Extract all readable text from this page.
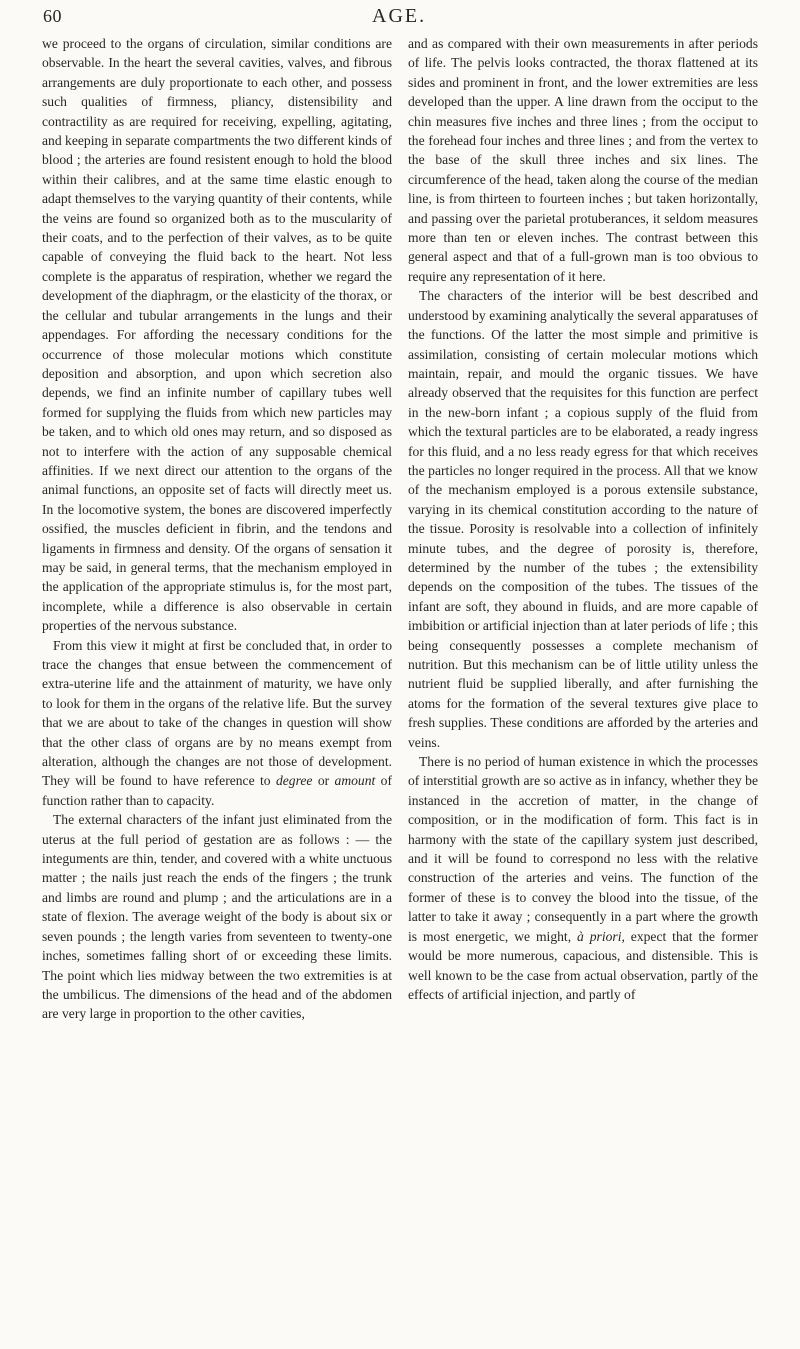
60	AGE.

we proceed to the organs of circulation, similar conditions are observable. In the heart the several cavities, valves, and fibrous arrangements are duly proportionate to each other, and possess such qualities of firmness, pliancy, distensibility and contractility as are required for receiving, expelling, agitating, and keeping in separate compartments the two different kinds of blood ; the arteries are found resistent enough to hold the blood within their calibres, and at the same time elastic enough to adapt themselves to the varying quantity of their contents, while the veins are found so organized both as to the muscularity of their coats, and to the perfection of their valves, as to be quite capable of conveying the fluid back to the heart. Not less complete is the apparatus of respiration, whether we regard the development of the diaphragm, or the elasticity of the thorax, or the cellular and tubular arrangements in the lungs and their appendages. For affording the necessary conditions for the occurrence of those molecular motions which constitute deposition and absorption, and upon which secretion also depends, we find an infinite number of capillary tubes well formed for supplying the fluids from which new particles may be taken, and to which old ones may return, and so disposed as not to interfere with the action of any supposable chemical affinities. If we next direct our attention to the organs of the animal functions, an opposite set of facts will directly meet us. In the locomotive system, the bones are discovered imperfectly ossified, the muscles deficient in fibrin, and the tendons and ligaments in firmness and density. Of the organs of sensation it may be said, in general terms, that the mechanism employed in the application of the appropriate stimulus is, for the most part, incomplete, while a difference is also observable in certain properties of the nervous substance.

From this view it might at first be concluded that, in order to trace the changes that ensue between the commencement of extra-uterine life and the attainment of maturity, we have only to look for them in the organs of the relative life. But the survey that we are about to take of the changes in question will show that the other class of organs are by no means exempt from alteration, although the changes are not those of development. They will be found to have reference to degree or amount of function rather than to capacity.

The external characters of the infant just eliminated from the uterus at the full period of gestation are as follows : — the integuments are thin, tender, and covered with a white unctuous matter ; the nails just reach the ends of the fingers ; the trunk and limbs are round and plump ; and the articulations are in a state of flexion. The average weight of the body is about six or seven pounds ; the length varies from seventeen to twenty-one inches, sometimes falling short of or exceeding these limits. The point which lies midway between the two extremities is at the umbilicus. The dimensions of the head and of the abdomen are very large in proportion to the other cavities,

and as compared with their own measurements in after periods of life. The pelvis looks contracted, the thorax flattened at its sides and prominent in front, and the lower extremities are less developed than the upper. A line drawn from the occiput to the chin measures five inches and three lines ; from the occiput to the forehead four inches and three lines ; and from the vertex to the base of the skull three inches and six lines. The circumference of the head, taken along the course of the median line, is from thirteen to fourteen inches ; but taken horizontally, and passing over the parietal protuberances, it seldom measures more than ten or eleven inches. The contrast between this general aspect and that of a full-grown man is too obvious to require any representation of it here.

The characters of the interior will be best described and understood by examining analytically the several apparatuses of the functions. Of the latter the most simple and primitive is assimilation, consisting of certain molecular motions which maintain, repair, and mould the organic tissues. We have already observed that the requisites for this function are perfect in the new-born infant ; a copious supply of the fluid from which the textural particles are to be elaborated, a ready ingress for this fluid, and a no less ready egress for that which receives the particles no longer required in the process. All that we know of the mechanism employed is a porous extensile substance, varying in its chemical constitution according to the nature of the tissue. Porosity is resolvable into a collection of infinitely minute tubes, and the degree of porosity is, therefore, determined by the number of the tubes ; the extensibility depends on the composition of the tubes. The tissues of the infant are soft, they abound in fluids, and are more capable of imbibition or artificial injection than at later periods of life ; this being consequently possesses a complete mechanism of nutrition. But this mechanism can be of little utility unless the nutrient fluid be supplied liberally, and after furnishing the atoms for the formation of the several textures give place to fresh supplies. These conditions are afforded by the arteries and veins.

There is no period of human existence in which the processes of interstitial growth are so active as in infancy, whether they be instanced in the accretion of matter, in the change of composition, or in the modification of form. This fact is in harmony with the state of the capillary system just described, and it will be found to correspond no less with the relative construction of the arteries and veins. The function of the former of these is to convey the blood into the tissue, of the latter to take it away ; consequently in a part where the growth is most energetic, we might, à priori, expect that the former would be more numerous, capacious, and distensible. This is well known to be the case from actual observation, partly of the effects of artificial injection, and partly of
